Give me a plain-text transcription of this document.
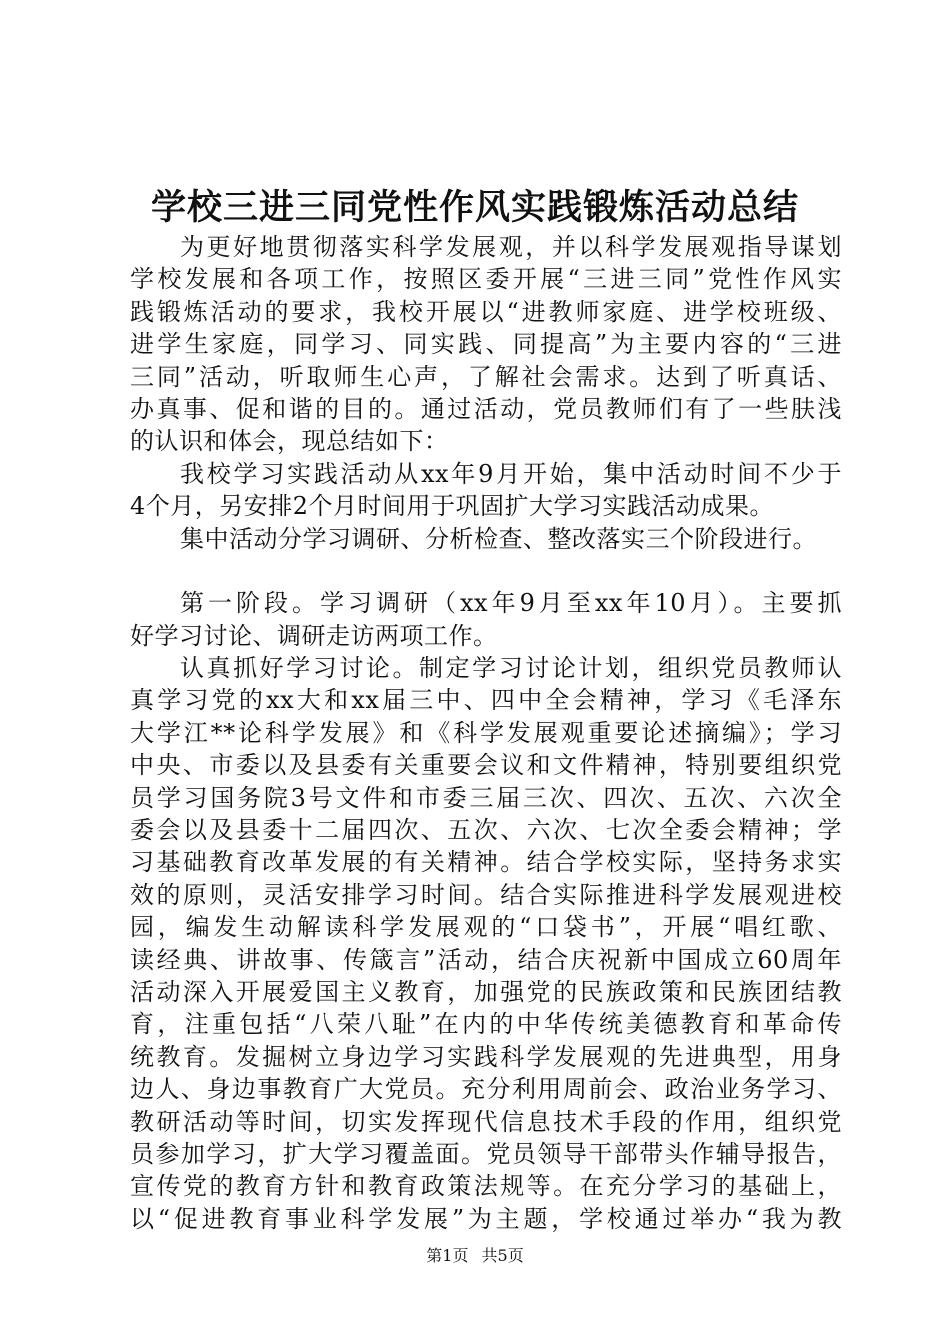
学校三进三同党性作风实践锻炼活动总结
为更好地贯彻落实科学发展观，并以科学发展观指导谋划
学校发展和各项工作，按照区委开展“三进三同”党性作风实
践锻炼活动的要求，我校开展以“进教师家庭、进学校班级、
进学生家庭，同学习、同实践、同提高”为主要内容的“三进
三同”活动，听取师生心声，了解社会需求。达到了听真话、
办真事、促和谐的目的。通过活动，党员教师们有了一些肤浅
的认识和体会，现总结如下：
我校学习实践活动从xx年9月开始，集中活动时间不少于
4个月，另安排2个月时间用于巩固扩大学习实践活动成果。
集中活动分学习调研、分析检查、整改落实三个阶段进行。
第一阶段。学习调研（xx年9月至xx年10月）。主要抓
好学习讨论、调研走访两项工作。
认真抓好学习讨论。制定学习讨论计划，组织党员教师认
真学习党的xx大和xx届三中、四中全会精神，学习《毛泽东
大学江**论科学发展》和《科学发展观重要论述摘编》；学习
中央、市委以及县委有关重要会议和文件精神，特别要组织党
员学习国务院3号文件和市委三届三次、四次、五次、六次全
委会以及县委十二届四次、五次、六次、七次全委会精神；学
习基础教育改革发展的有关精神。结合学校实际，坚持务求实
效的原则，灵活安排学习时间。结合实际推进科学发展观进校
园，编发生动解读科学发展观的“口袋书”，开展“唱红歌、
读经典、讲故事、传箴言”活动，结合庆祝新中国成立60周年
活动深入开展爱国主义教育，加强党的民族政策和民族团结教
育，注重包括“八荣八耻”在内的中华传统美德教育和革命传
统教育。发掘树立身边学习实践科学发展观的先进典型，用身
边人、身边事教育广大党员。充分利用周前会、政治业务学习、
教研活动等时间，切实发挥现代信息技术手段的作用，组织党
员参加学习，扩大学习覆盖面。党员领导干部带头作辅导报告，
宣传党的教育方针和教育政策法规等。在充分学习的基础上，
以“促进教育事业科学发展”为主题，学校通过举办“我为教
第1页 共5页
